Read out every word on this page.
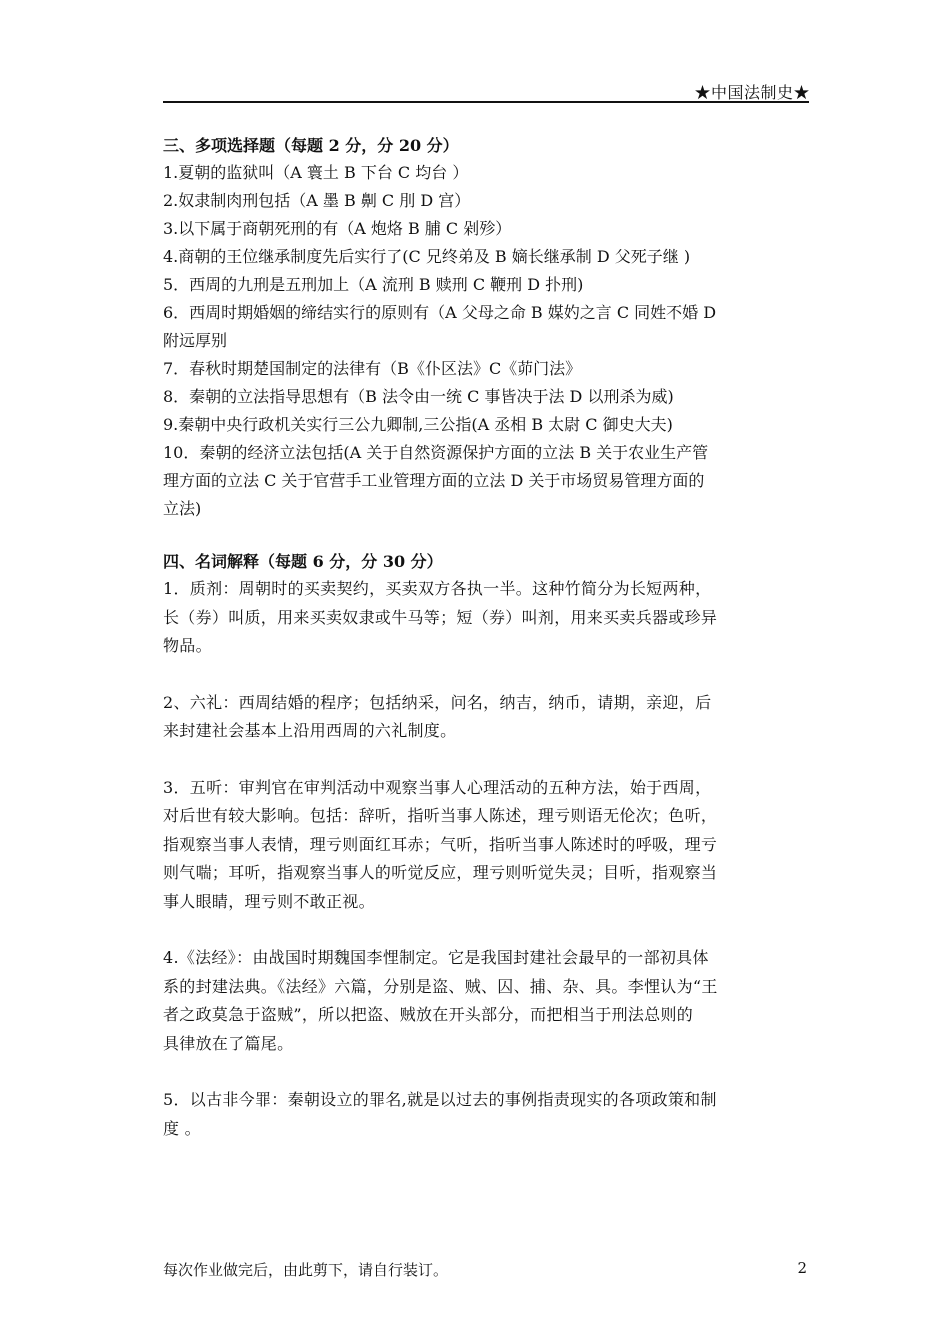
★中国法制史★

三、多项选择题（每题 2 分，分 20 分）

1.夏朝的监狱叫（A 寰土 B 下台 C 均台 ）

2.奴隶制肉刑包括（A 墨 B 劓 C 刖 D 宫）

3.以下属于商朝死刑的有（A 炮烙 B 脯 C 剁殄）

4.商朝的王位继承制度先后实行了(C 兄终弟及 B 嫡长继承制 D 父死子继 )

5．西周的九刑是五刑加上（A 流刑 B 赎刑 C 鞭刑 D 扑刑)

6．西周时期婚姻的缔结实行的原则有（A 父母之命 B 媒妁之言 C 同姓不婚 D

附远厚别

7．春秋时期楚国制定的法律有（B《仆区法》C《茆门法》

8．秦朝的立法指导思想有（B 法令由一统 C 事皆决于法 D 以刑杀为威)

9.秦朝中央行政机关实行三公九卿制,三公指(A 丞相 B 太尉 C 御史大夫)

10．秦朝的经济立法包括(A 关于自然资源保护方面的立法 B 关于农业生产管

理方面的立法 C 关于官营手工业管理方面的立法 D 关于市场贸易管理方面的

立法)

四、名词解释（每题 6 分，分 30 分）

1．质剂：周朝时的买卖契约，买卖双方各执一半。这种竹简分为长短两种，

长（券）叫质，用来买卖奴隶或牛马等；短（券）叫剂，用来买卖兵器或珍异

物品。

2、六礼：西周结婚的程序；包括纳采，问名，纳吉，纳币，请期，亲迎，后

来封建社会基本上沿用西周的六礼制度。

3．五听：审判官在审判活动中观察当事人心理活动的五种方法，始于西周，

对后世有较大影响。包括：辞听，指听当事人陈述，理亏则语无伦次；色听，

指观察当事人表情，理亏则面红耳赤；气听，指听当事人陈述时的呼吸，理亏

则气喘；耳听，指观察当事人的听觉反应，理亏则听觉失灵；目听，指观察当

事人眼睛，理亏则不敢正视。

4.《法经》：由战国时期魏国李悝制定。它是我国封建社会最早的一部初具体

系的封建法典。《法经》六篇，分别是盗、贼、囚、捕、杂、具。李悝认为“王

者之政莫急于盗贼”，所以把盗、贼放在开头部分，而把相当于刑法总则的

具律放在了篇尾。

5．以古非今罪：秦朝设立的罪名,就是以过去的事例指责现实的各项政策和制

度 。

每次作业做完后，由此剪下，请自行装订。	2
